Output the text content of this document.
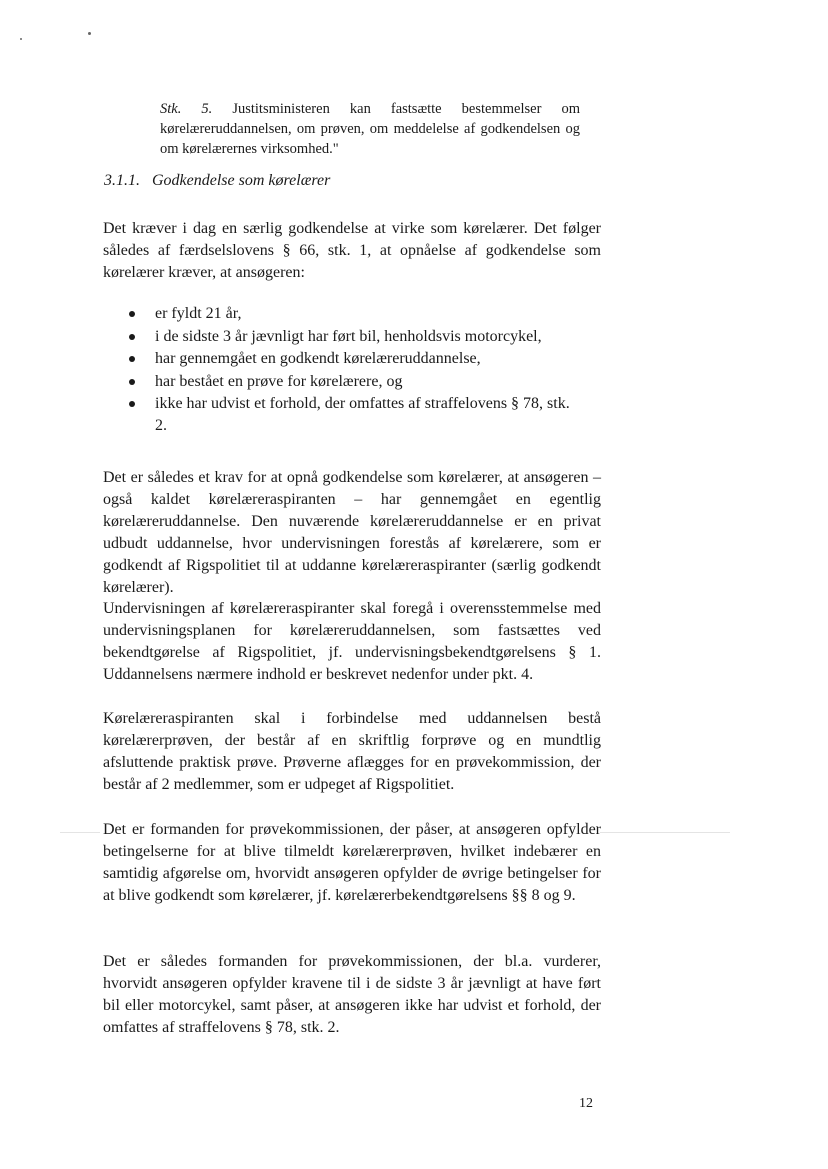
Stk. 5. Justitsministeren kan fastsætte bestemmelser om kørelæreruddannelsen, om prøven, om meddelelse af godkendelsen og om kørelærernes virksomhed."
3.1.1. Godkendelse som kørelærer

Det kræver i dag en særlig godkendelse at virke som kørelærer. Det følger således af færdselslovens § 66, stk. 1, at opnåelse af godkendelse som kørelærer kræver, at ansøgeren:

er fyldt 21 år,
i de sidste 3 år jævnligt har ført bil, henholdsvis motorcykel,
har gennemgået en godkendt kørelæreruddannelse,
har bestået en prøve for kørelærere, og
ikke har udvist et forhold, der omfattes af straffelovens § 78, stk. 2.

Det er således et krav for at opnå godkendelse som kørelærer, at ansøgeren – også kaldet kørelæreraspiranten – har gennemgået en egentlig kørelæreruddannelse. Den nuværende kørelæreruddannelse er en privat udbudt uddannelse, hvor undervisningen forestås af kørelærere, som er godkendt af Rigspolitiet til at uddanne kørelæreraspiranter (særlig godkendt kørelærer).

Undervisningen af kørelæreraspiranter skal foregå i overensstemmelse med undervisningsplanen for kørelæreruddannelsen, som fastsættes ved bekendtgørelse af Rigspolitiet, jf. undervisningsbekendtgørelsens § 1. Uddannelsens nærmere indhold er beskrevet nedenfor under pkt. 4.

Kørelæreraspiranten skal i forbindelse med uddannelsen bestå kørelærerprøven, der består af en skriftlig forprøve og en mundtlig afsluttende praktisk prøve. Prøverne aflægges for en prøvekommission, der består af 2 medlemmer, som er udpeget af Rigspolitiet.

Det er formanden for prøvekommissionen, der påser, at ansøgeren opfylder betingelserne for at blive tilmeldt kørelærerprøven, hvilket indebærer en samtidig afgørelse om, hvorvidt ansøgeren opfylder de øvrige betingelser for at blive godkendt som kørelærer, jf. kørelærerbekendtgørelsens §§ 8 og 9.

Det er således formanden for prøvekommissionen, der bl.a. vurderer, hvorvidt ansøgeren opfylder kravene til i de sidste 3 år jævnligt at have ført bil eller motorcykel, samt påser, at ansøgeren ikke har udvist et forhold, der omfattes af straffelovens § 78, stk. 2.

12
